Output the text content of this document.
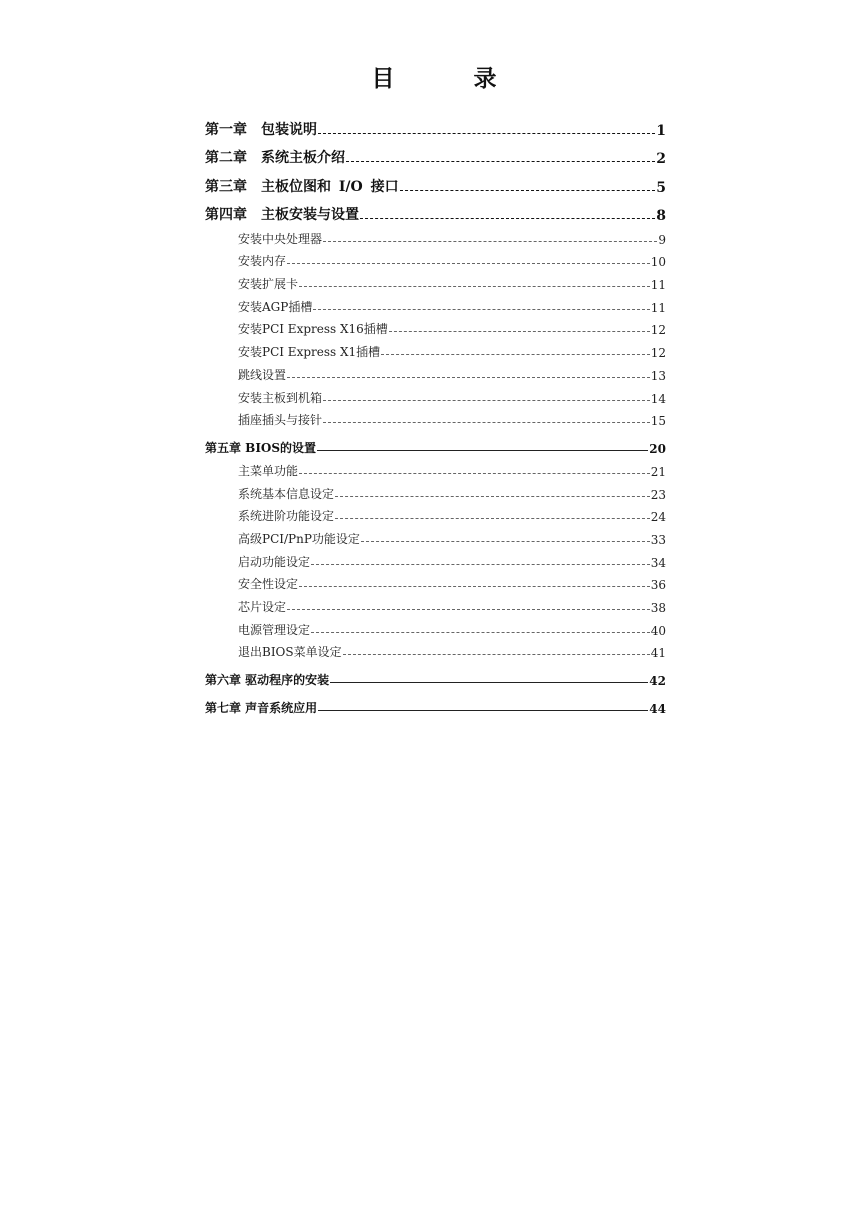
目　录
第一章　包装说明	1
第二章　系统主板介绍	2
第三章　主板位图和 I/O 接口	5
第四章　主板安装与设置	8
安装中央处理器	9
安装内存	10
安装扩展卡	11
安装AGP插槽	11
安装PCI Express X16插槽	12
安装PCI Express X1插槽	12
跳线设置	13
安装主板到机箱	14
插座插头与接针	15
第五章 BIOS的设置	20
主菜单功能	21
系统基本信息设定	23
系统进阶功能设定	24
高级PCI/PnP功能设定	33
启动功能设定	34
安全性设定	36
芯片设定	38
电源管理设定	40
退出BIOS菜单设定	41
第六章 驱动程序的安装	42
第七章 声音系统应用	44
